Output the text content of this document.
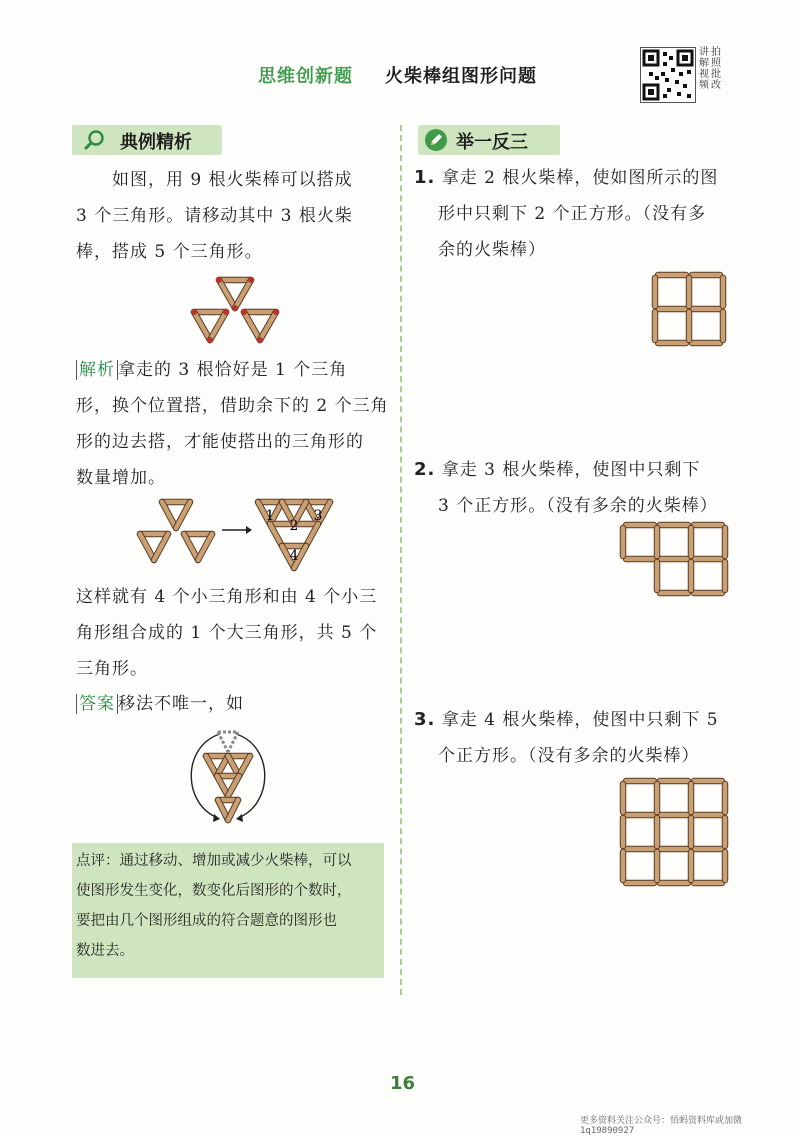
思维创新题 火柴棒组图形问题
讲 拍 解 照 视 批 频 改
典例精析	举一反三
如图，用 9 根火柴棒可以搭成
3 个三角形。请移动其中 3 根火柴
棒，搭成 5 个三角形。
解析 拿走的 3 根恰好是 1 个三角
形，换个位置搭，借助余下的 2 个三角
形的边去搭，才能使搭出的三角形的
数量增加。
1
2
3
4
这样就有 4 个小三角形和由 4 个小三
角形组合成的 1 个大三角形，共 5 个
三角形。
答案 移法不唯一，如
点评：通过移动、增加或减少火柴棒，可以
使图形发生变化，数变化后图形的个数时，
要把由几个图形组成的符合题意的图形也
数进去。
1. 拿走 2 根火柴棒，使如图所示的图
形中只剩下 2 个正方形。（没有多
余的火柴棒）
2. 拿走 3 根火柴棒，使图中只剩下
3 个正方形。（没有多余的火柴棒）
3. 拿走 4 根火柴棒，使图中只剩下 5
个正方形。（没有多余的火柴棒）
16
更多资料关注公众号：悟蚂资料库或加微 1q19890927
